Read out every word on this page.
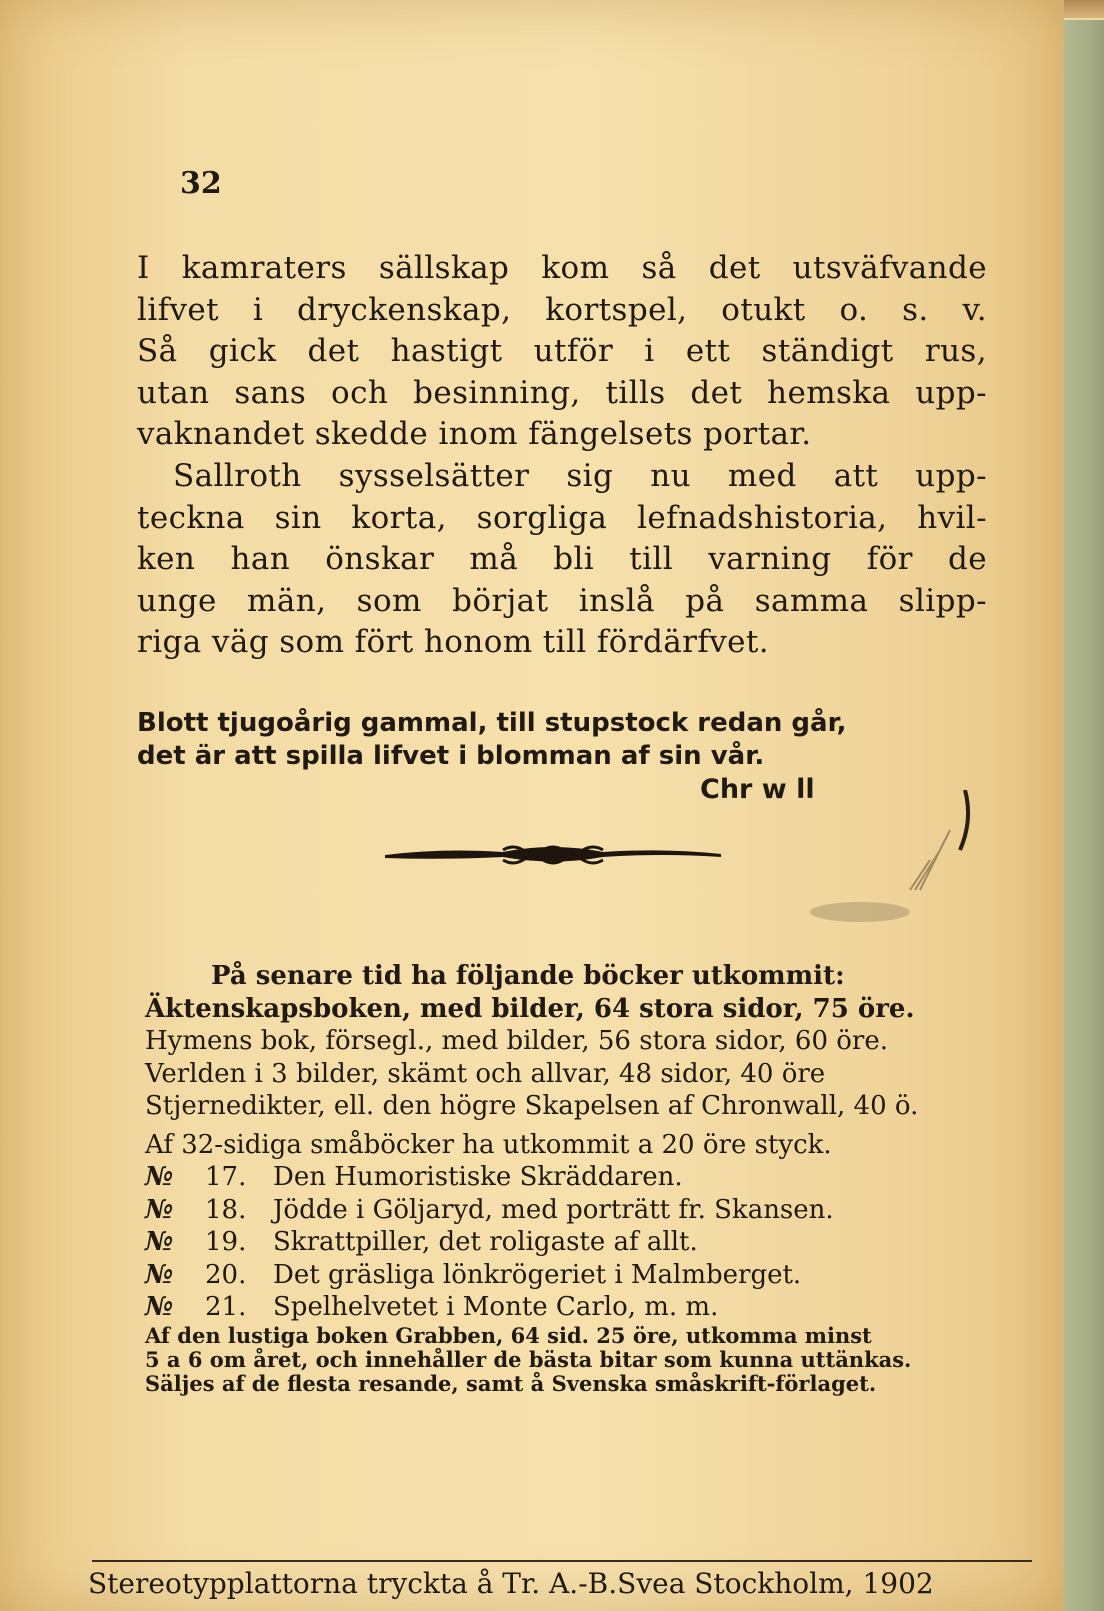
32
I kamraters sällskap kom så det utsväfvande
lifvet i dryckenskap, kortspel, otukt o. s. v.
Så gick det hastigt utför i ett ständigt rus,
utan sans och besinning, tills det hemska upp-
vaknandet skedde inom fängelsets portar.
Sallroth sysselsätter sig nu med att upp-
teckna sin korta, sorgliga lefnadshistoria, hvil-
ken han önskar må bli till varning för de
unge män, som börjat inslå på samma slipp-
riga väg som fört honom till fördärfvet.
Blott tjugoårig gammal, till stupstock redan går,
det är att spilla lifvet i blomman af sin vår.
Chr w ll
På senare tid ha följande böcker utkommit:
Äktenskapsboken, med bilder, 64 stora sidor, 75 öre.
Hymens bok, försegl., med bilder, 56 stora sidor, 60 öre.
Verlden i 3 bilder, skämt och allvar, 48 sidor, 40 öre
Stjernedikter, ell. den högre Skapelsen af Chronwall, 40 ö.
Af 32-sidiga småböcker ha utkommit a 20 öre styck.
№ 17. Den Humoristiske Skräddaren.
№ 18. Jödde i Göljaryd, med porträtt fr. Skansen.
№ 19. Skrattpiller, det roligaste af allt.
№ 20. Det gräsliga lönkrögeriet i Malmberget.
№ 21. Spelhelvetet i Monte Carlo, m. m.
Af den lustiga boken Grabben, 64 sid. 25 öre, utkomma minst
5 a 6 om året, och innehåller de bästa bitar som kunna uttänkas.
Säljes af de flesta resande, samt å Svenska småskrift-förlaget.
Stereotypplattorna tryckta å Tr. A.-B.Svea Stockholm, 1902
